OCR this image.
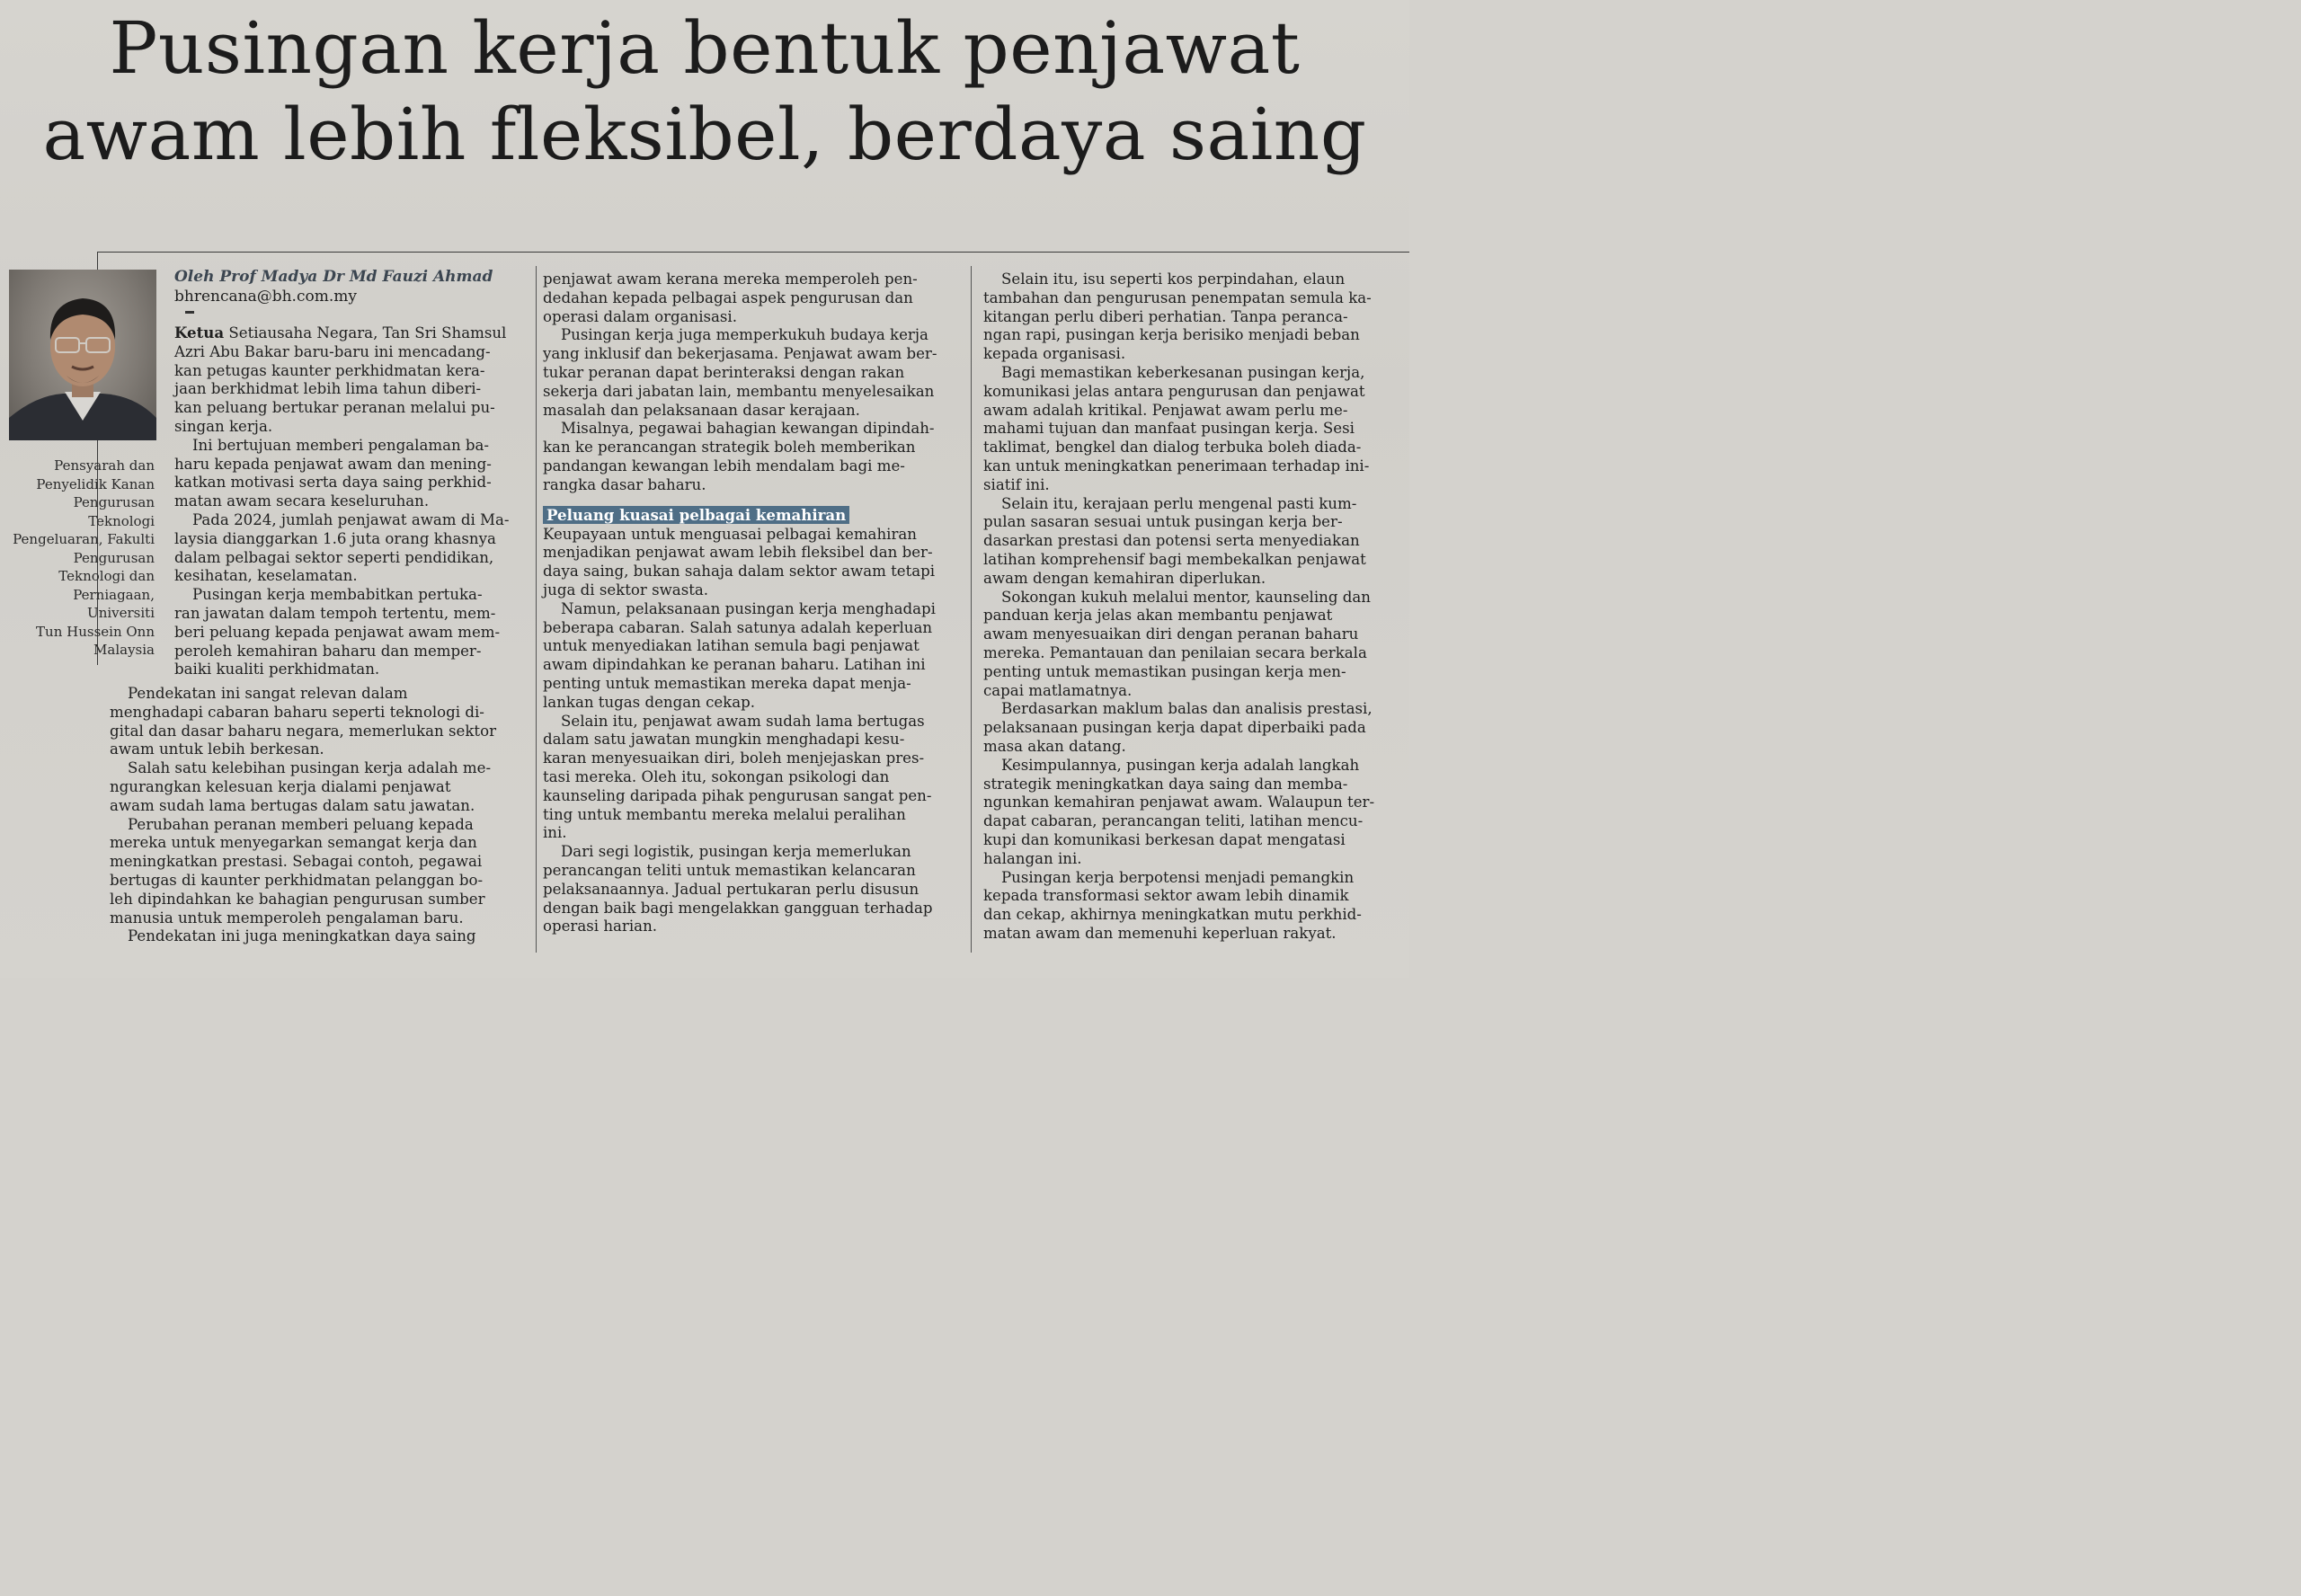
Pusingan kerja bentuk penjawat
awam lebih fleksibel, berdaya saing
Pensyarah dan
Penyelidik Kanan
Pengurusan
Teknologi
Pengeluaran, Fakulti
Pengurusan
Teknologi dan
Perniagaan,
Universiti
Tun Hussein Onn
Malaysia
Oleh Prof Madya Dr Md Fauzi Ahmad
bhrencana@bh.com.my

Ketua Setiausaha Negara, Tan Sri Shamsul
Azri Abu Bakar baru-baru ini mencadang-
kan petugas kaunter perkhidmatan kera-
jaan berkhidmat lebih lima tahun diberi-
kan peluang bertukar peranan melalui pu-
singan kerja.

Ini bertujuan memberi pengalaman ba-
haru kepada penjawat awam dan mening-
katkan motivasi serta daya saing perkhid-
matan awam secara keseluruhan.

Pada 2024, jumlah penjawat awam di Ma-
laysia dianggarkan 1.6 juta orang khasnya
dalam pelbagai sektor seperti pendidikan,
kesihatan, keselamatan.

Pusingan kerja membabitkan pertuka-
ran jawatan dalam tempoh tertentu, mem-
beri peluang kepada penjawat awam mem-
peroleh kemahiran baharu dan memper-
baiki kualiti perkhidmatan.

Pendekatan ini sangat relevan dalam
menghadapi cabaran baharu seperti teknologi di-
gital dan dasar baharu negara, memerlukan sektor
awam untuk lebih berkesan.

Salah satu kelebihan pusingan kerja adalah me-
ngurangkan kelesuan kerja dialami penjawat
awam sudah lama bertugas dalam satu jawatan.

Perubahan peranan memberi peluang kepada
mereka untuk menyegarkan semangat kerja dan
meningkatkan prestasi. Sebagai contoh, pegawai
bertugas di kaunter perkhidmatan pelanggan bo-
leh dipindahkan ke bahagian pengurusan sumber
manusia untuk memperoleh pengalaman baru.

Pendekatan ini juga meningkatkan daya saing

penjawat awam kerana mereka memperoleh pen-
dedahan kepada pelbagai aspek pengurusan dan
operasi dalam organisasi.

Pusingan kerja juga memperkukuh budaya kerja
yang inklusif dan bekerjasama. Penjawat awam ber-
tukar peranan dapat berinteraksi dengan rakan
sekerja dari jabatan lain, membantu menyelesaikan
masalah dan pelaksanaan dasar kerajaan.

Misalnya, pegawai bahagian kewangan dipindah-
kan ke perancangan strategik boleh memberikan
pandangan kewangan lebih mendalam bagi me-
rangka dasar baharu.

Peluang kuasai pelbagai kemahiran

Keupayaan untuk menguasai pelbagai kemahiran
menjadikan penjawat awam lebih fleksibel dan ber-
daya saing, bukan sahaja dalam sektor awam tetapi
juga di sektor swasta.

Namun, pelaksanaan pusingan kerja menghadapi
beberapa cabaran. Salah satunya adalah keperluan
untuk menyediakan latihan semula bagi penjawat
awam dipindahkan ke peranan baharu. Latihan ini
penting untuk memastikan mereka dapat menja-
lankan tugas dengan cekap.

Selain itu, penjawat awam sudah lama bertugas
dalam satu jawatan mungkin menghadapi kesu-
karan menyesuaikan diri, boleh menjejaskan pres-
tasi mereka. Oleh itu, sokongan psikologi dan
kaunseling daripada pihak pengurusan sangat pen-
ting untuk membantu mereka melalui peralihan
ini.

Dari segi logistik, pusingan kerja memerlukan
perancangan teliti untuk memastikan kelancaran
pelaksanaannya. Jadual pertukaran perlu disusun
dengan baik bagi mengelakkan gangguan terhadap
operasi harian.

Selain itu, isu seperti kos perpindahan, elaun
tambahan dan pengurusan penempatan semula ka-
kitangan perlu diberi perhatian. Tanpa peranca-
ngan rapi, pusingan kerja berisiko menjadi beban
kepada organisasi.

Bagi memastikan keberkesanan pusingan kerja,
komunikasi jelas antara pengurusan dan penjawat
awam adalah kritikal. Penjawat awam perlu me-
mahami tujuan dan manfaat pusingan kerja. Sesi
taklimat, bengkel dan dialog terbuka boleh diada-
kan untuk meningkatkan penerimaan terhadap ini-
siatif ini.

Selain itu, kerajaan perlu mengenal pasti kum-
pulan sasaran sesuai untuk pusingan kerja ber-
dasarkan prestasi dan potensi serta menyediakan
latihan komprehensif bagi membekalkan penjawat
awam dengan kemahiran diperlukan.

Sokongan kukuh melalui mentor, kaunseling dan
panduan kerja jelas akan membantu penjawat
awam menyesuaikan diri dengan peranan baharu
mereka. Pemantauan dan penilaian secara berkala
penting untuk memastikan pusingan kerja men-
capai matlamatnya.

Berdasarkan maklum balas dan analisis prestasi,
pelaksanaan pusingan kerja dapat diperbaiki pada
masa akan datang.

Kesimpulannya, pusingan kerja adalah langkah
strategik meningkatkan daya saing dan memba-
ngunkan kemahiran penjawat awam. Walaupun ter-
dapat cabaran, perancangan teliti, latihan mencu-
kupi dan komunikasi berkesan dapat mengatasi
halangan ini.

Pusingan kerja berpotensi menjadi pemangkin
kepada transformasi sektor awam lebih dinamik
dan cekap, akhirnya meningkatkan mutu perkhid-
matan awam dan memenuhi keperluan rakyat.
